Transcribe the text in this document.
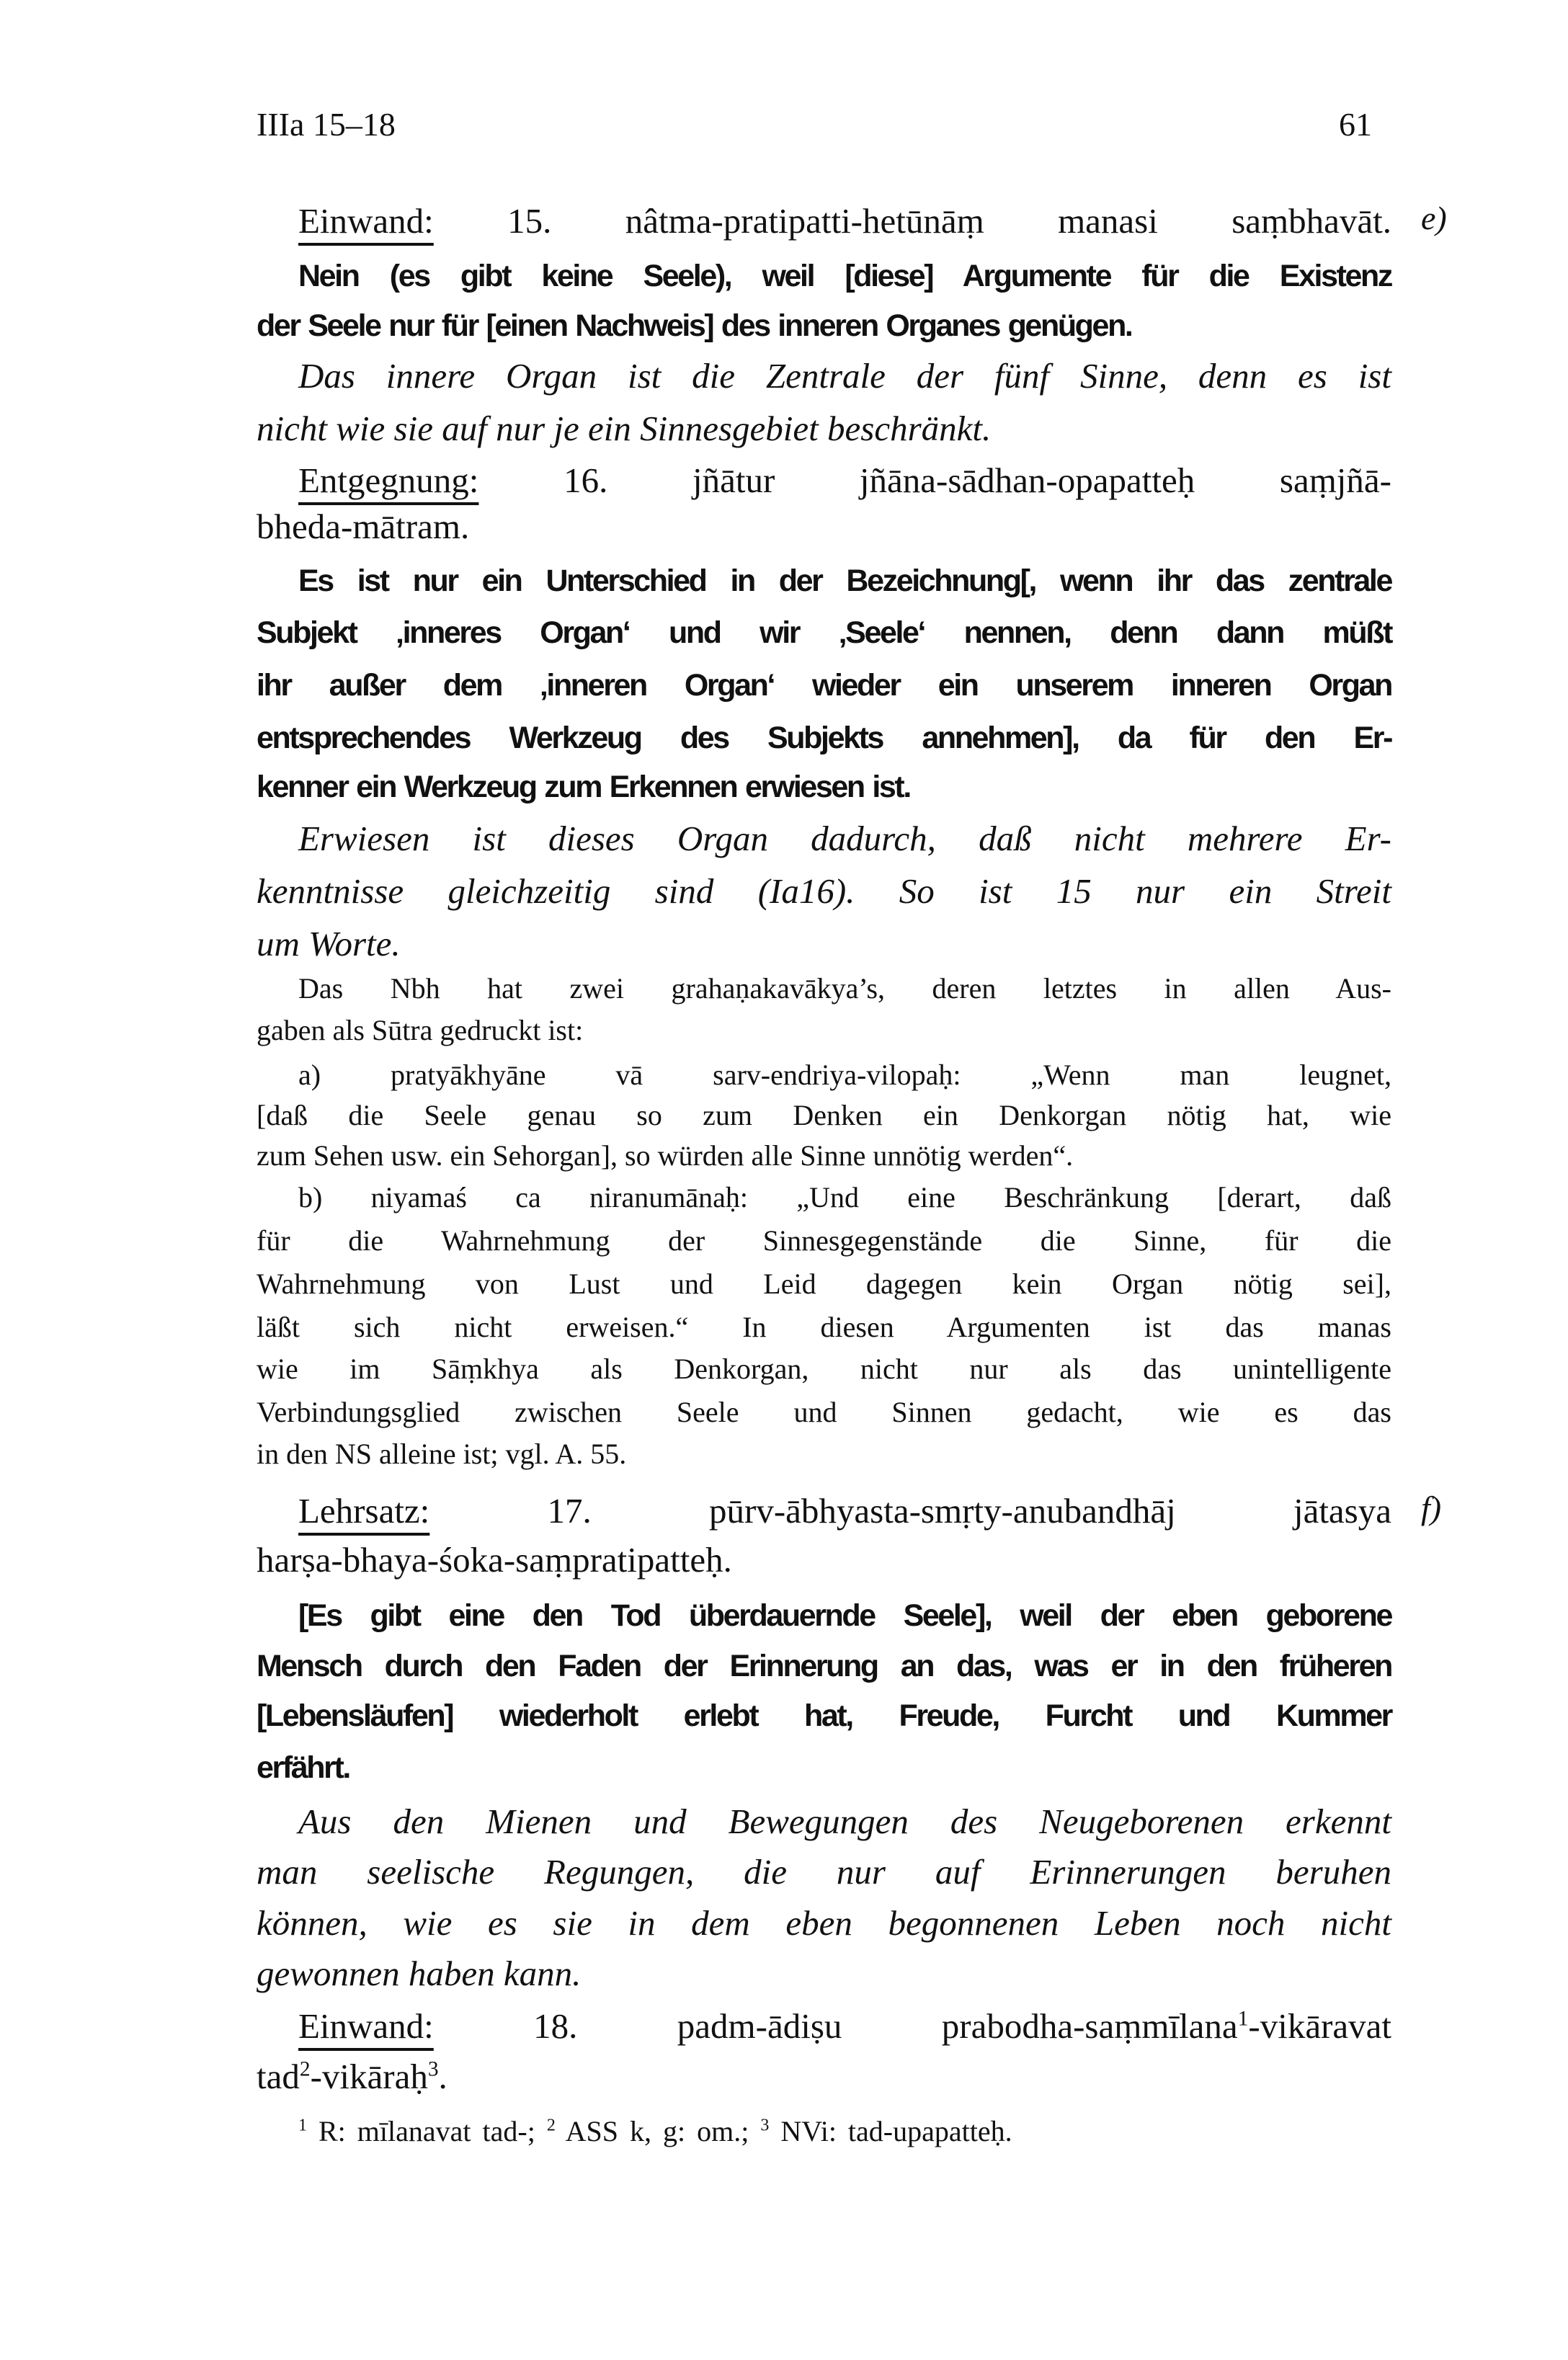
IIIa 15–18	61
e)
f)
Einwand: 15. nâtma-pratipatti-hetūnāṃ manasi saṃbhavāt.
Nein (es gibt keine Seele), weil [diese] Argumente für die Existenz
der Seele nur für [einen Nachweis] des inneren Organes genügen.
Das innere Organ ist die Zentrale der fünf Sinne, denn es ist
nicht wie sie auf nur je ein Sinnesgebiet beschränkt.
Entgegnung: 16. jñātur jñāna-sādhan-opapatteḥ saṃjñā-
bheda-mātram.
Es ist nur ein Unterschied in der Bezeichnung[, wenn ihr das zentrale
Subjekt ‚inneres Organ‘ und wir ‚Seele‘ nennen, denn dann müßt
ihr außer dem ‚inneren Organ‘ wieder ein unserem inneren Organ
entsprechendes Werkzeug des Subjekts annehmen], da für den Er-
kenner ein Werkzeug zum Erkennen erwiesen ist.
Erwiesen ist dieses Organ dadurch, daß nicht mehrere Er-
kenntnisse gleichzeitig sind (Ia16). So ist 15 nur ein Streit
um Worte.
Das Nbh hat zwei grahaṇakavākya’s, deren letztes in allen Aus-
gaben als Sūtra gedruckt ist:
a) pratyākhyāne vā sarv-endriya-vilopaḥ: „Wenn man leugnet,
[daß die Seele genau so zum Denken ein Denkorgan nötig hat, wie
zum Sehen usw. ein Sehorgan], so würden alle Sinne unnötig werden“.
b) niyamaś ca niranumānaḥ: „Und eine Beschränkung [derart, daß
für die Wahrnehmung der Sinnesgegenstände die Sinne, für die
Wahrnehmung von Lust und Leid dagegen kein Organ nötig sei],
läßt sich nicht erweisen.“ In diesen Argumenten ist das manas
wie im Sāṃkhya als Denkorgan, nicht nur als das unintelligente
Verbindungsglied zwischen Seele und Sinnen gedacht, wie es das
in den NS alleine ist; vgl. A. 55.
Lehrsatz:	17. pūrv-ābhyasta-smṛty-anubandhāj jātasya
harṣa-bhaya-śoka-saṃpratipatteḥ.
[Es gibt eine den Tod überdauernde Seele], weil der eben geborene
Mensch durch den Faden der Erinnerung an das, was er in den früheren
[Lebensläufen] wiederholt erlebt hat, Freude, Furcht und Kummer
erfährt.
Aus den Mienen und Bewegungen des Neugeborenen erkennt
man seelische Regungen, die nur auf Erinnerungen beruhen
können, wie es sie in dem eben begonnenen Leben noch nicht
gewonnen haben kann.
Einwand:	18. padm-ādiṣu prabodha-saṃmīlana$^1$-vikāravat
tad$^2$-vikāraḥ$^3$.
$^1$ R: mīlanavat tad-; $^2$ ASS k, g: om.; $^3$ NVi: tad-upapatteḥ.
